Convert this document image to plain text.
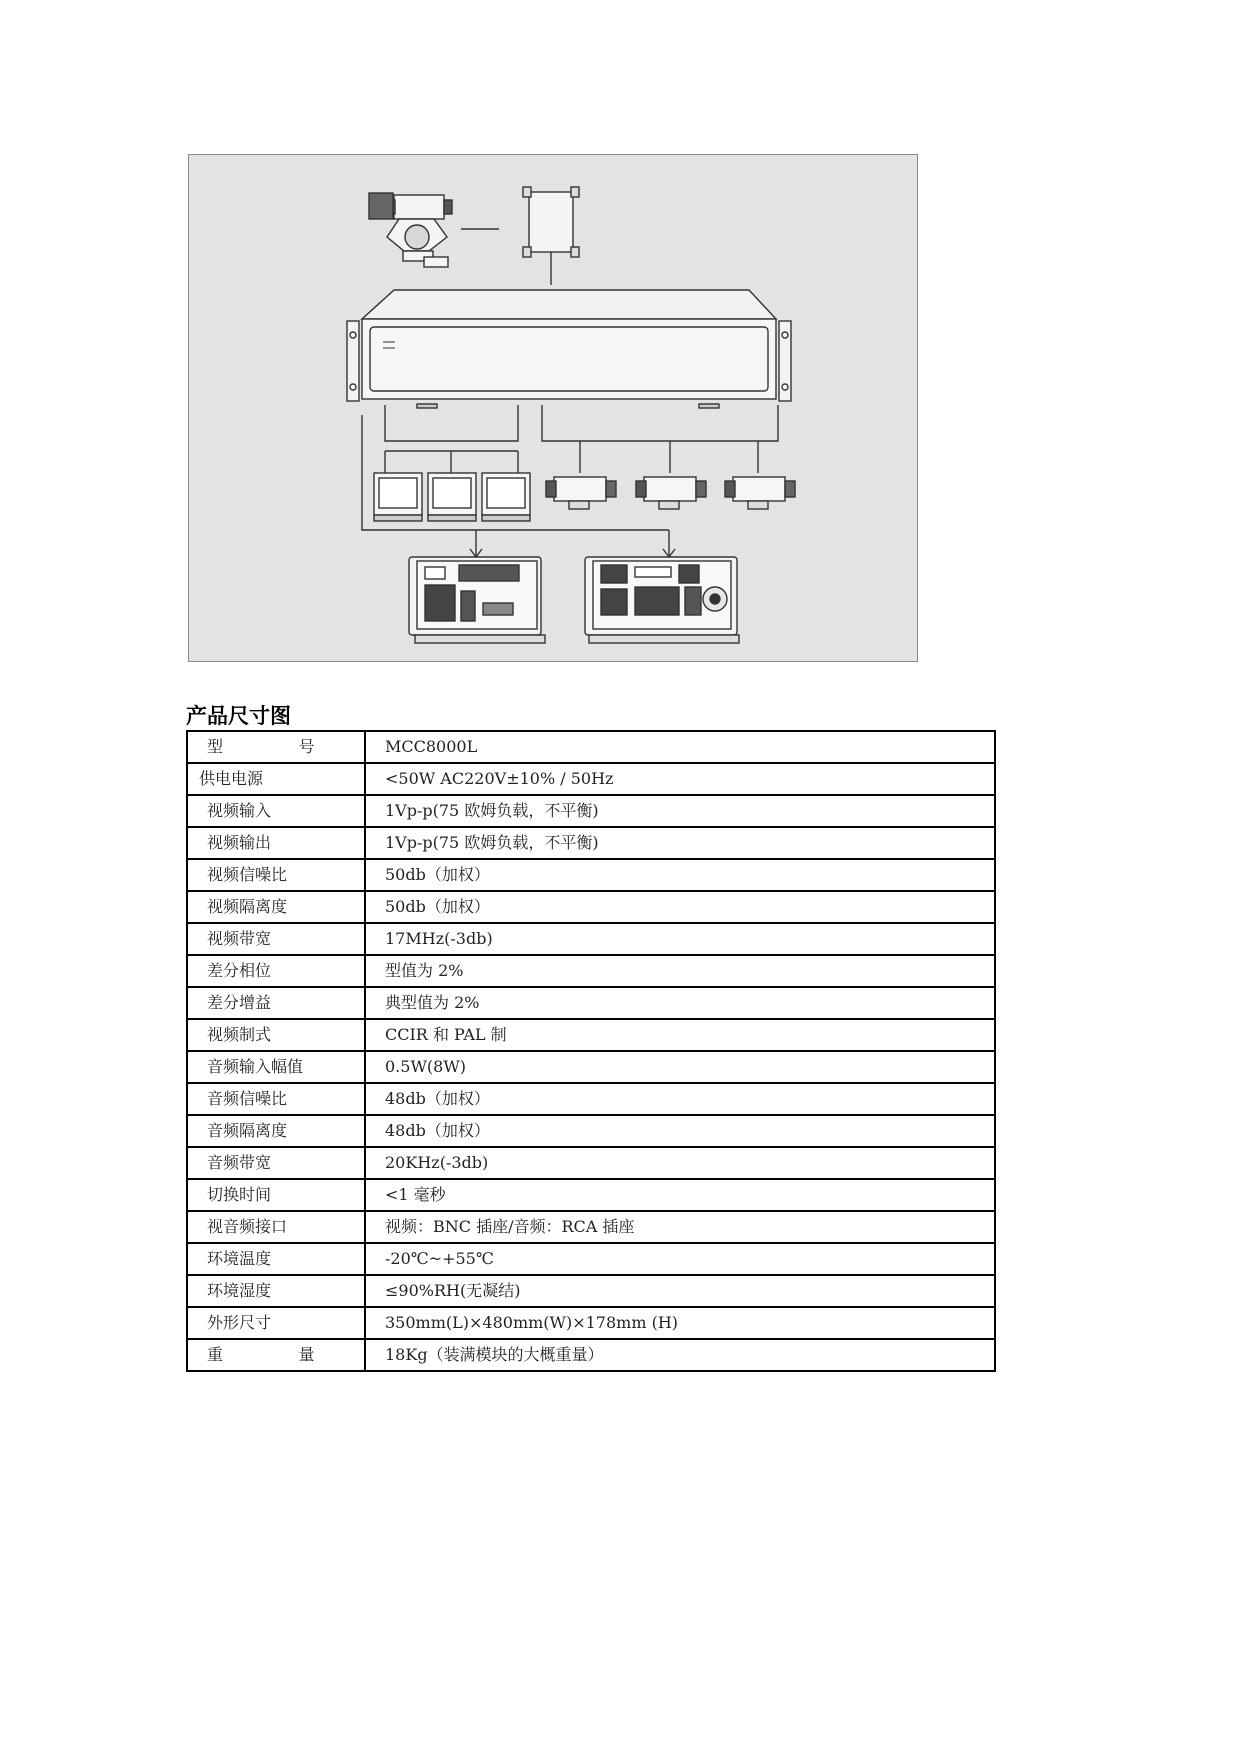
产品尺寸图
型 号	MCC8000L
供电电源	<50W AC220V±10% / 50Hz
视频输入	1Vp-p(75 欧姆负载，不平衡)
视频输出	1Vp-p(75 欧姆负载，不平衡)
视频信噪比	50db（加权）
视频隔离度	50db（加权）
视频带宽	17MHz(-3db)
差分相位	型值为 2%
差分增益	典型值为 2%
视频制式	CCIR 和 PAL 制
音频输入幅值	0.5W(8W)
音频信噪比	48db（加权）
音频隔离度	48db（加权）
音频带宽	20KHz(-3db)
切换时间	<1 毫秒
视音频接口	视频：BNC 插座/音频：RCA 插座
环境温度	-20℃~+55℃
环境湿度	≤90%RH(无凝结)
外形尺寸	350mm(L)×480mm(W)×178mm (H)
重 量	18Kg（装满模块的大概重量）
